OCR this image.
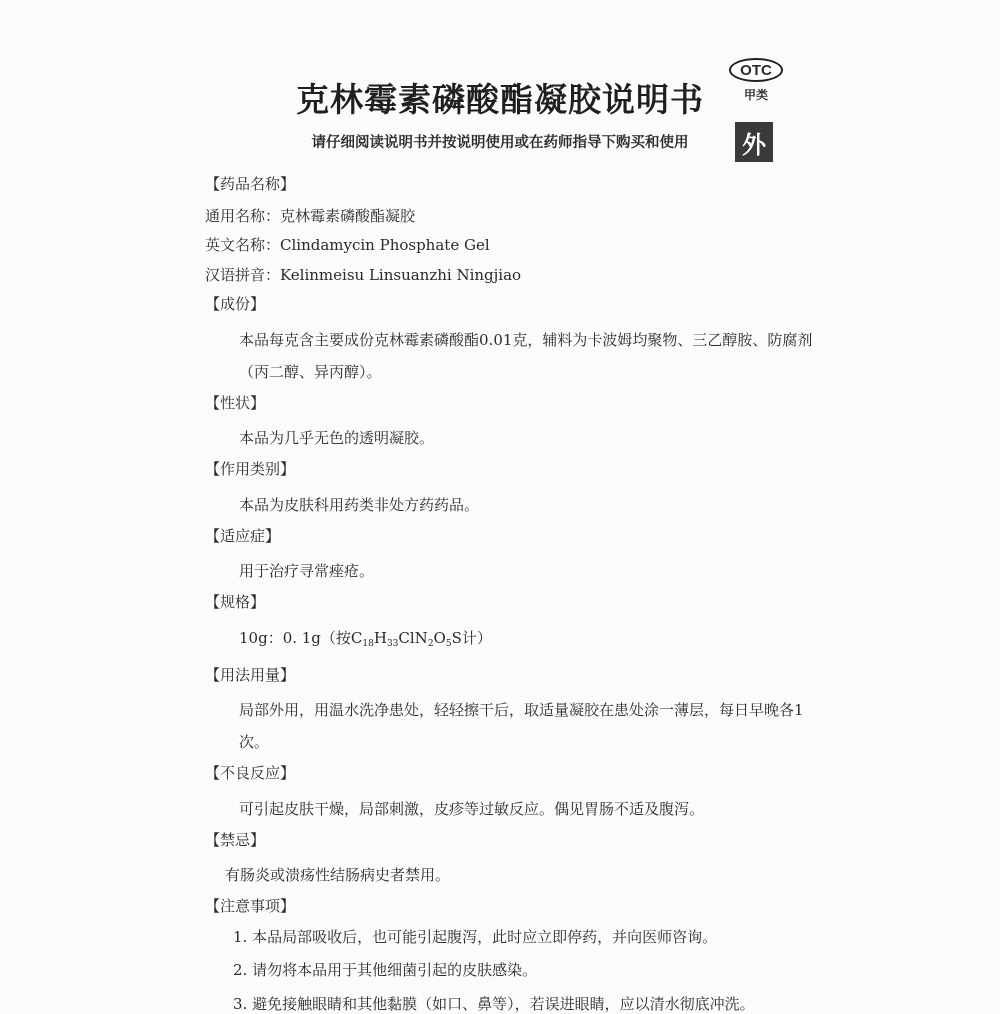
克林霉素磷酸酯凝胶说明书
请仔细阅读说明书并按说明使用或在药师指导下购买和使用
OTC
甲类
外
【药品名称】
通用名称：克林霉素磷酸酯凝胶
英文名称：Clindamycin Phosphate Gel
汉语拼音：Kelinmeisu Linsuanzhi Ningjiao
【成份】
本品每克含主要成份克林霉素磷酸酯0.01克，辅料为卡波姆均聚物、三乙醇胺、防腐剂（丙二醇、异丙醇）。
【性状】
本品为几乎无色的透明凝胶。
【作用类别】
本品为皮肤科用药类非处方药药品。
【适应症】
用于治疗寻常痤疮。
【规格】
10g：0. 1g（按$C_{18}H_{33}ClN_2O_5S$计）
【用法用量】
局部外用，用温水洗净患处，轻轻擦干后，取适量凝胶在患处涂一薄层，每日早晚各1次。
【不良反应】
可引起皮肤干燥，局部刺激，皮疹等过敏反应。偶见胃肠不适及腹泻。
【禁忌】
有肠炎或溃疡性结肠病史者禁用。
【注意事项】
1. 本品局部吸收后，也可能引起腹泻，此时应立即停药，并向医师咨询。
2. 请勿将本品用于其他细菌引起的皮肤感染。
3. 避免接触眼睛和其他黏膜（如口、鼻等），若误进眼睛，应以清水彻底冲洗。
